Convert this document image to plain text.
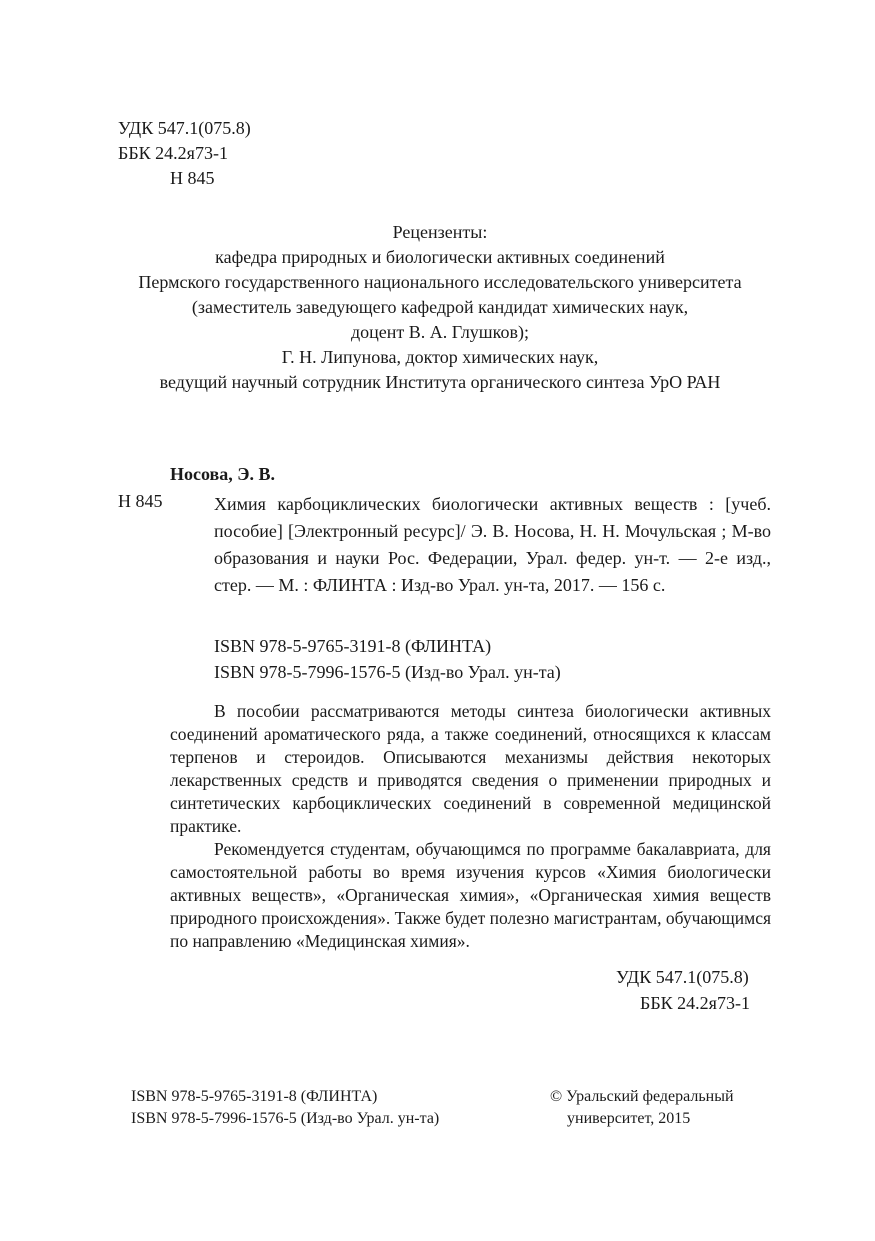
УДК 547.1(075.8)
ББК 24.2я73-1
Н 845
Рецензенты:
кафедра природных и биологически активных соединений
Пермского государственного национального исследовательского университета
(заместитель заведующего кафедрой кандидат химических наук,
доцент В. А. Глушков);
Г. Н. Липунова, доктор химических наук,
ведущий научный сотрудник Института органического синтеза УрО РАН
Носова, Э. В.
Н 845	Химия карбоциклических биологически активных веществ : [учеб. пособие] [Электронный ресурс]/ Э. В. Носова, Н. Н. Мочульская ; М-во образования и науки Рос. Федерации, Урал. федер. ун-т. — 2-е изд., стер. — М. : ФЛИНТА : Изд-во Урал. ун-та, 2017. — 156 с.
ISBN 978-5-9765-3191-8 (ФЛИНТА)
ISBN 978-5-7996-1576-5 (Изд-во Урал. ун-та)

В пособии рассматриваются методы синтеза биологически активных соединений ароматического ряда, а также соединений, относящихся к классам терпенов и стероидов. Описываются механизмы действия некоторых лекарственных средств и приводятся сведения о применении природных и синтетических карбоциклических соединений в современной медицинской практике.

Рекомендуется студентам, обучающимся по программе бакалавриата, для самостоятельной работы во время изучения курсов «Химия биологически активных веществ», «Органическая химия», «Органическая химия веществ природного происхождения». Также будет полезно магистрантам, обучающимся по направлению «Медицинская химия».

УДК 547.1(075.8)
ББК 24.2я73-1
ISBN 978-5-9765-3191-8 (ФЛИНТА)
ISBN 978-5-7996-1576-5 (Изд-во Урал. ун-та)
© Уральский федеральный
университет, 2015
